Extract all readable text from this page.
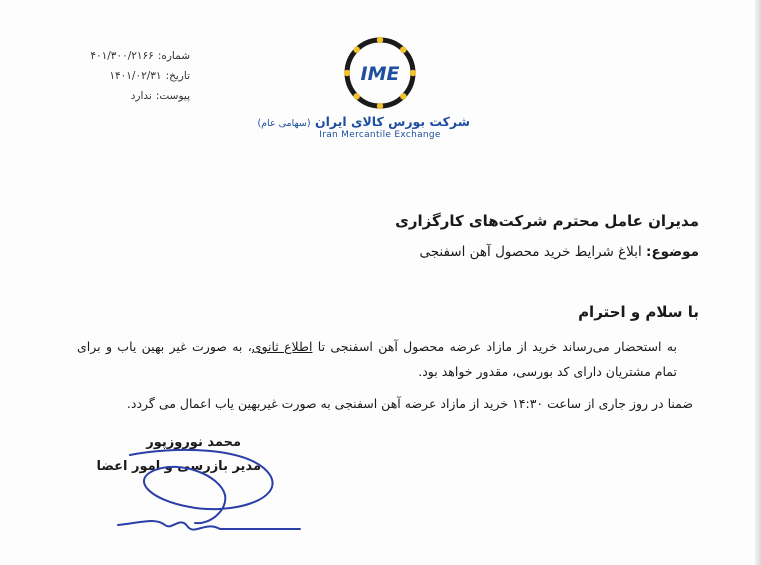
شماره:۴۰۱/۳۰۰/۲۱۶۶
تاریخ:۱۴۰۱/۰۲/۳۱
پیوست:ندارد
IME
شرکت بورس کالای ایران (سهامی عام)
Iran Mercantile Exchange
مدیران عامل محترم شرکت‌های کارگزاری
موضوع: ابلاغ شرایط خرید محصول آهن اسفنجی
با سلام و احترام
به استحضار می‌رساند خرید از مازاد عرضه محصول آهن اسفنجی تا اطلاع ثانوی، به صورت غیر بهین یاب و برای تمام مشتریان دارای کد بورسی، مقدور خواهد بود.
ضمنا در روز جاری از ساعت ۱۴:۳۰ خرید از مازاد عرضه آهن اسفنجی به صورت غیربهین یاب اعمال می گردد.
محمد نوروزپور
مدیر بازرسی و امور اعضا
